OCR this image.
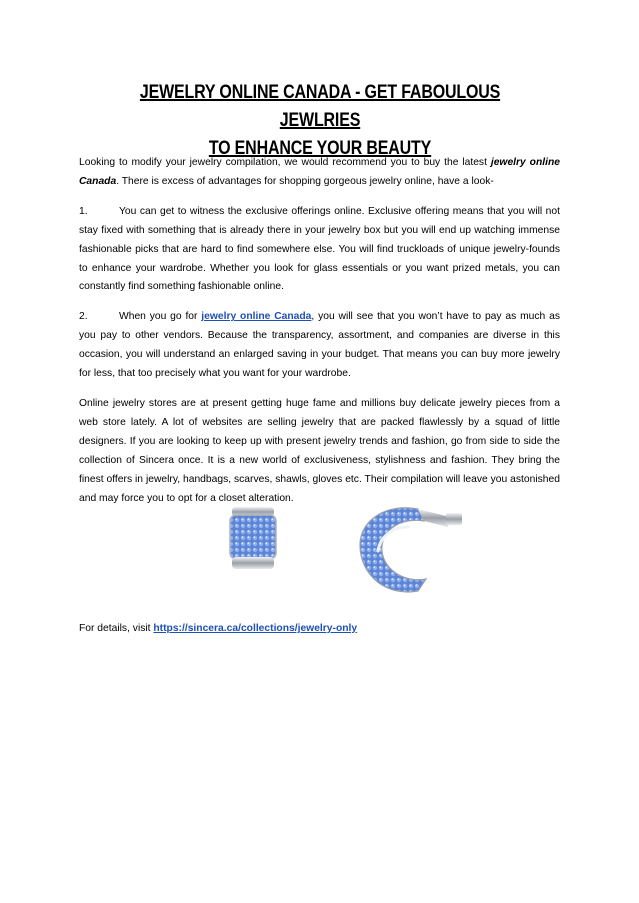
JEWELRY ONLINE CANADA - GET FABOULOUS JEWLRIES
TO ENHANCE YOUR BEAUTY

Looking to modify your jewelry compilation, we would recommend you to buy the latest jewelry online Canada. There is excess of advantages for shopping gorgeous jewelry online, have a look-

1.	You can get to witness the exclusive offerings online. Exclusive offering means that you will not stay fixed with something that is already there in your jewelry box but you will end up watching immense fashionable picks that are hard to find somewhere else. You will find truckloads of unique jewelry-founds to enhance your wardrobe. Whether you look for glass essentials or you want prized metals, you can constantly find something fashionable online.

2.	When you go for jewelry online Canada, you will see that you won’t have to pay as much as you pay to other vendors. Because the transparency, assortment, and companies are diverse in this occasion, you will understand an enlarged saving in your budget. That means you can buy more jewelry for less, that too precisely what you want for your wardrobe.

Online jewelry stores are at present getting huge fame and millions buy delicate jewelry pieces from a web store lately. A lot of websites are selling jewelry that are packed flawlessly by a squad of little designers. If you are looking to keep up with present jewelry trends and fashion, go from side to side the collection of Sincera once. It is a new world of exclusiveness, stylishness and fashion. They bring the finest offers in jewelry, handbags, scarves, shawls, gloves etc. Their compilation will leave you astonished and may force you to opt for a closet alteration.

For details, visit https://sincera.ca/collections/jewelry-only
